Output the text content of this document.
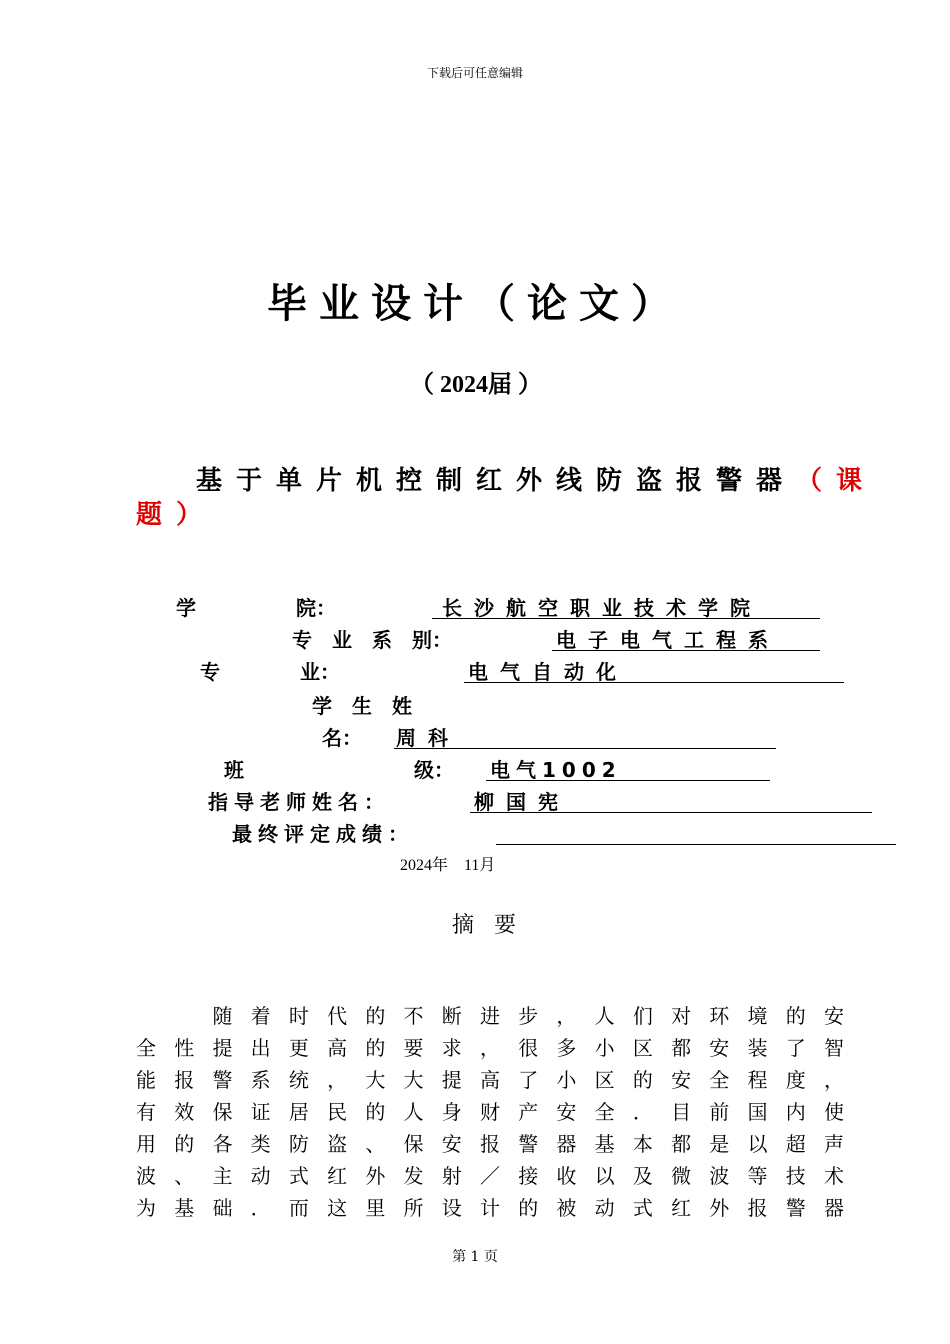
下载后可任意编辑
毕业设计（论文）
（ 2024届 ）
基于单片机控制红外线防盗报警器（课
题）
学　　　　　院：	长沙航空职业技术学院
专　业　系　别：	电子电气工程系
专　　　　业：	电气自动化
学　生　姓
名： 周科
班	级： 电气1002
指导老师姓名：	柳国宪
最终评定成绩：
2024年　11月
摘要

随 着 时 代 的 不 断 进 步 ， 人 们 对 环 境 的 安
全 性 提 出 更 高 的 要 求 ， 很 多 小 区 都 安 装 了 智
能 报 警 系 统 ， 大 大 提 高 了 小 区 的 安 全 程 度 ，
有 效 保 证 居 民 的 人 身 财 产 安 全 ． 目 前 国 内 使
用 的 各 类 防 盗 、 保 安 报 警 器 基 本 都 是 以 超 声
波 、 主 动 式 红 外 发 射 ／ 接 收 以 及 微 波 等 技 术
为 基 础 ． 而 这 里 所 设 计 的 被 动 式 红 外 报 警 器
第 1 页
